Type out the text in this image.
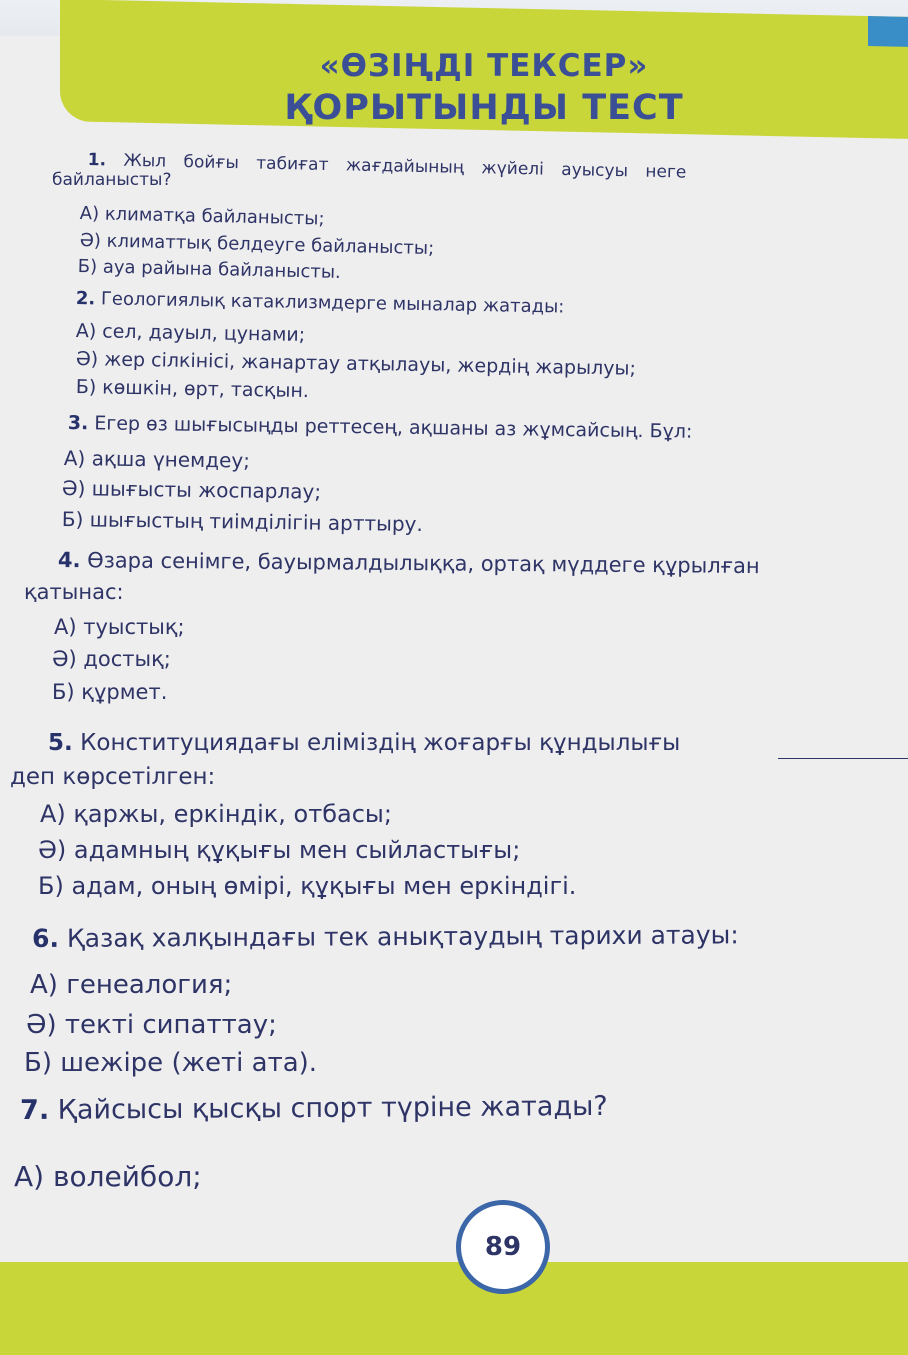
«ӨЗІҢДІ ТЕКСЕР»
ҚОРЫТЫНДЫ ТЕСТ
1. Жыл бойғы табиғат жағдайының жүйелі ауысуы неге
байланысты?
А) климатқа байланысты;
Ә) климаттық белдеуге байланысты;
Б) ауа райына байланысты.
2. Геологиялық катаклизмдерге мыналар жатады:
А) сел, дауыл, цунами;
Ә) жер сілкінісі, жанартау атқылауы, жердің жарылуы;
Б) көшкін, өрт, тасқын.
3. Егер өз шығысыңды реттесең, ақшаны аз жұмсайсың. Бұл:
А) ақша үнемдеу;
Ә) шығысты жоспарлау;
Б) шығыстың тиімділігін арттыру.
4. Өзара сенімге, бауырмалдылыққа, ортақ мүддеге құрылған
қатынас:
А) туыстық;
Ә) достық;
Б) құрмет.
5. Конституциядағы еліміздің жоғарғы құндылығы
деп көрсетілген:
А) қаржы, еркіндік, отбасы;
Ә) адамның құқығы мен сыйластығы;
Б) адам, оның өмірі, құқығы мен еркіндігі.
6. Қазақ халқындағы тек анықтаудың тарихи атауы:
А) генеалогия;
Ә) текті сипаттау;
Б) шежіре (жеті ата).
7. Қайсысы қысқы спорт түріне жатады?
А) волейбол;
89
